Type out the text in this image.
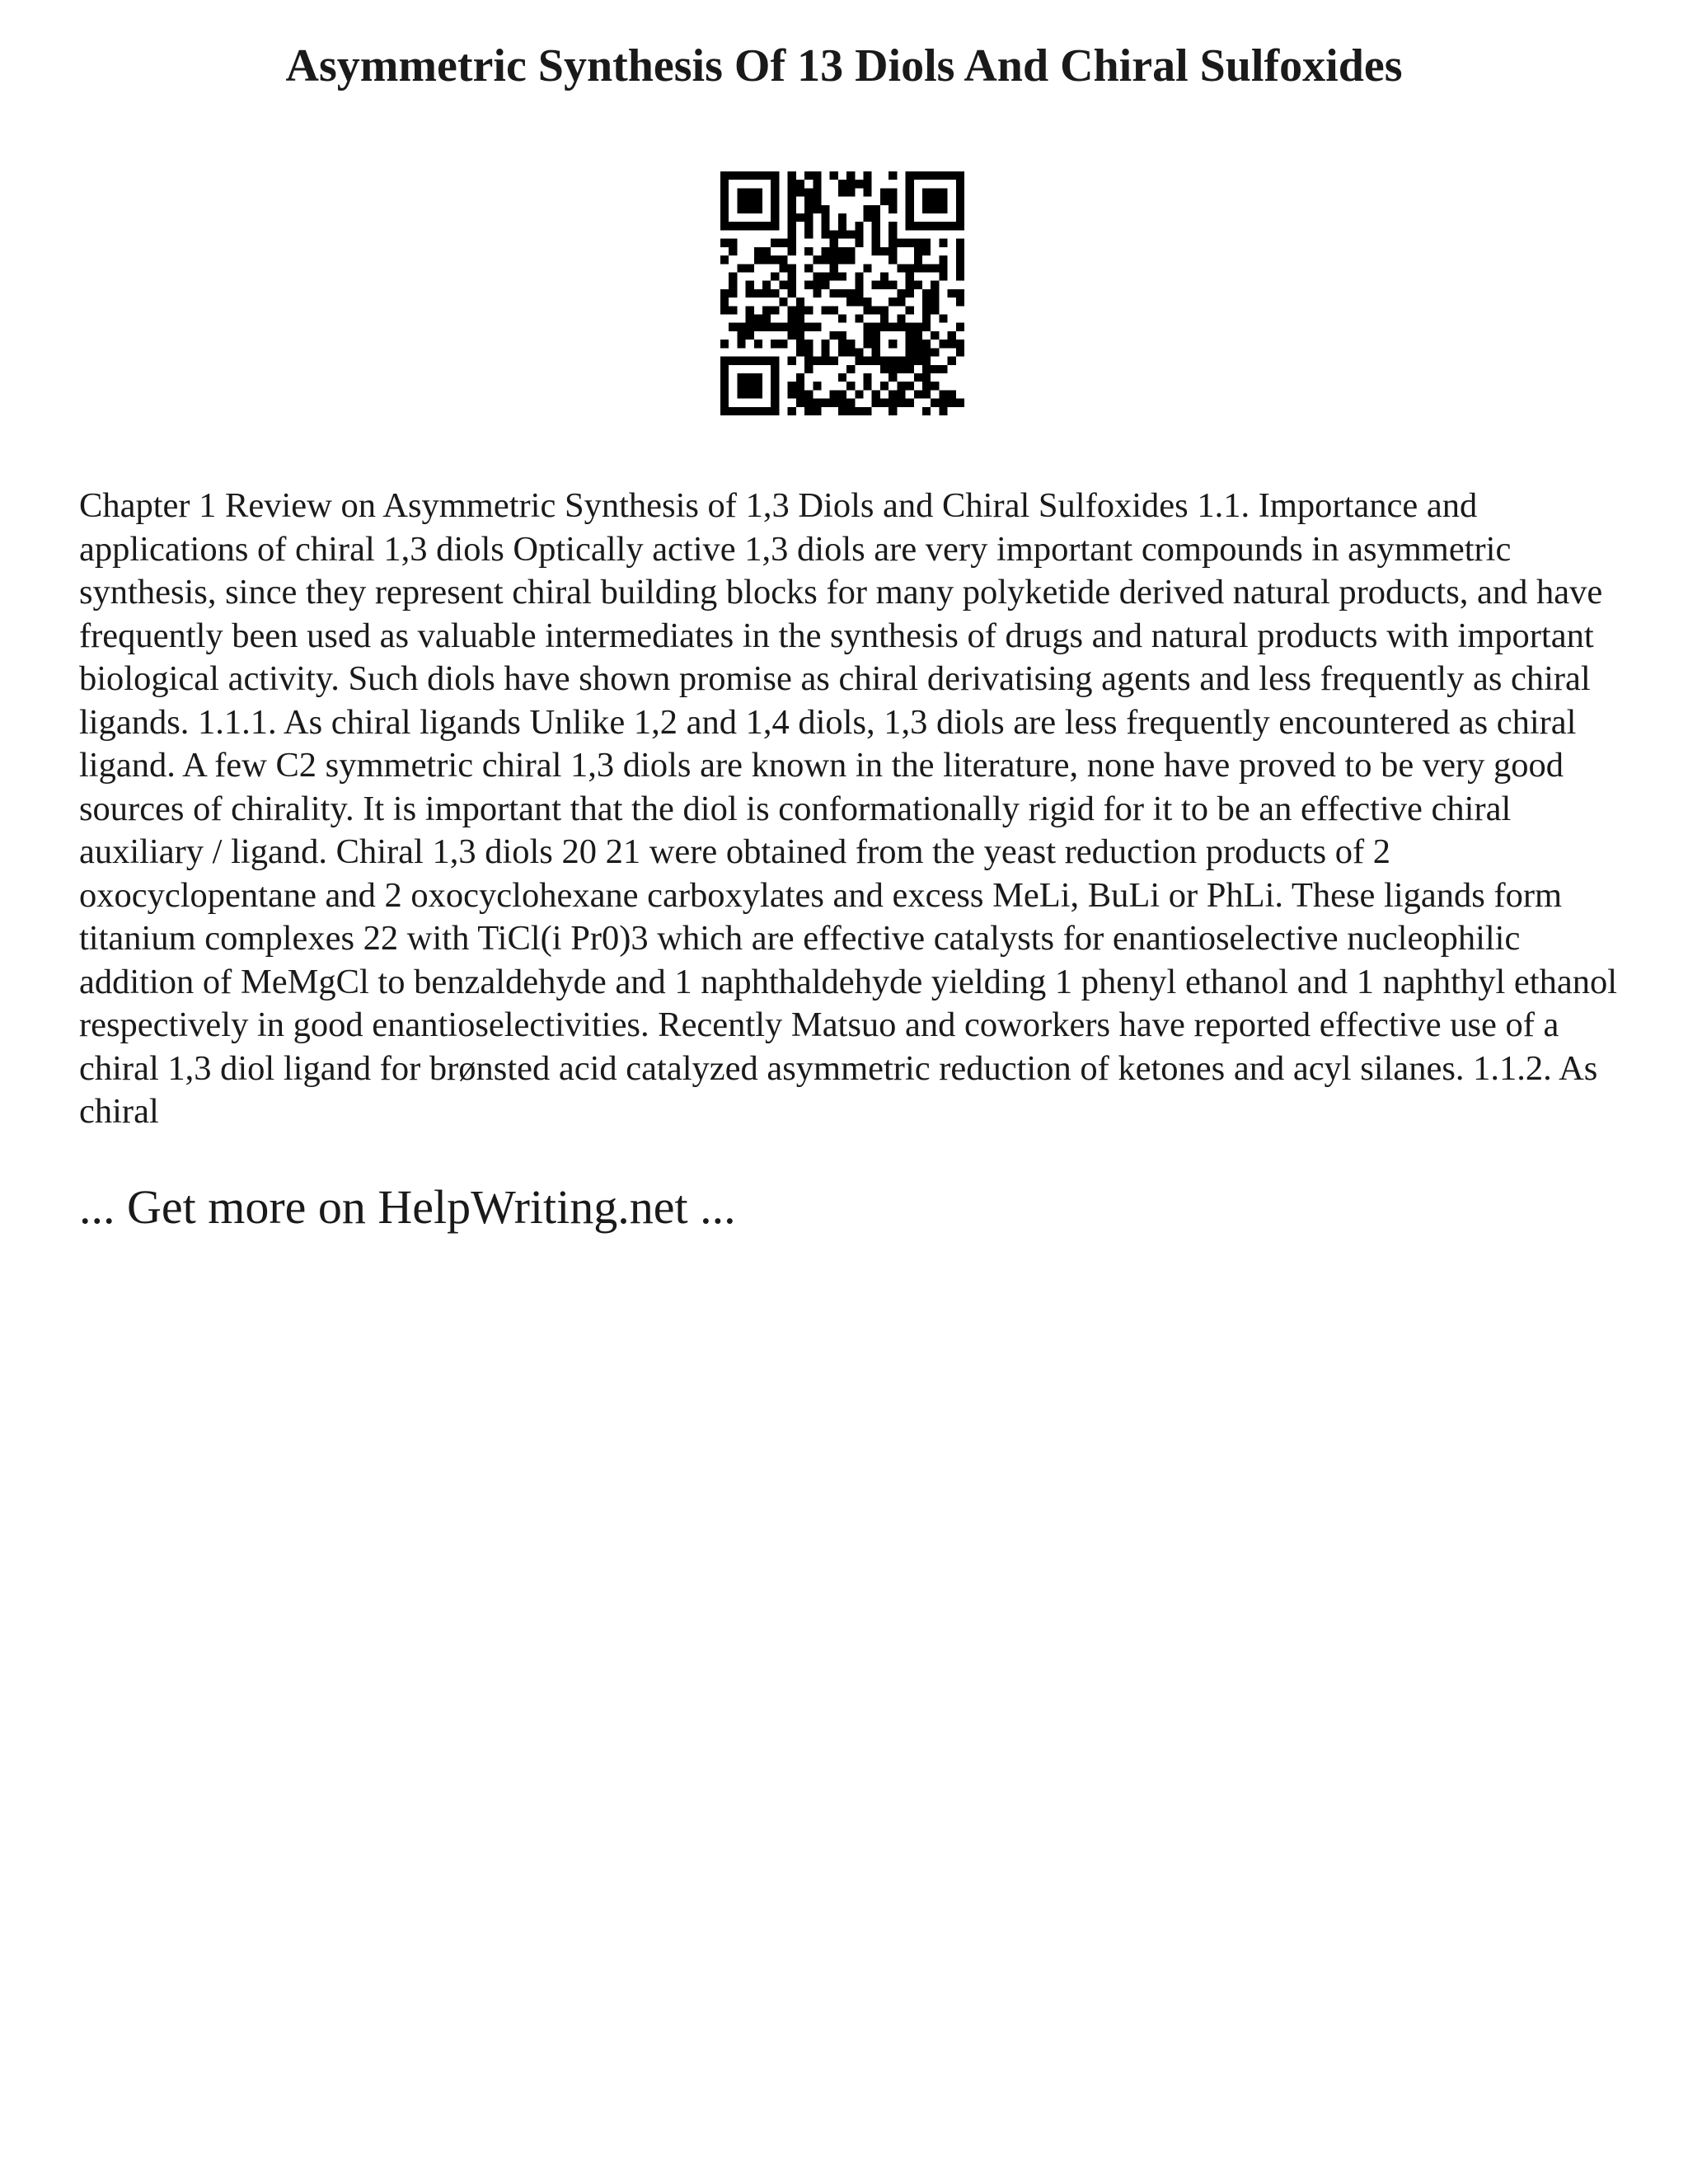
Asymmetric Synthesis Of 13 Diols And Chiral Sulfoxides

Chapter 1 Review on Asymmetric Synthesis of 1,3 Diols and Chiral Sulfoxides 1.1. Importance and applications of chiral 1,3 diols Optically active 1,3 diols are very important compounds in asymmetric synthesis, since they represent chiral building blocks for many polyketide derived natural products, and have frequently been used as valuable intermediates in the synthesis of drugs and natural products with important biological activity. Such diols have shown promise as chiral derivatising agents and less frequently as chiral ligands. 1.1.1. As chiral ligands Unlike 1,2 and 1,4 diols, 1,3 diols are less frequently encountered as chiral ligand. A few C2 symmetric chiral 1,3 diols are known in the literature, none have proved to be very good sources of chirality. It is important that the diol is conformationally rigid for it to be an effective chiral auxiliary / ligand. Chiral 1,3 diols 20 21 were obtained from the yeast reduction products of 2 oxocyclopentane and 2 oxocyclohexane carboxylates and excess MeLi, BuLi or PhLi. These ligands form titanium complexes 22 with TiCl(i Pr0)3 which are effective catalysts for enantioselective nucleophilic addition of MeMgCl to benzaldehyde and 1 naphthaldehyde yielding 1 phenyl ethanol and 1 naphthyl ethanol respectively in good enantioselectivities. Recently Matsuo and coworkers have reported effective use of a chiral 1,3 diol ligand for brønsted acid catalyzed asymmetric reduction of ketones and acyl silanes. 1.1.2. As chiral

... Get more on HelpWriting.net ...
